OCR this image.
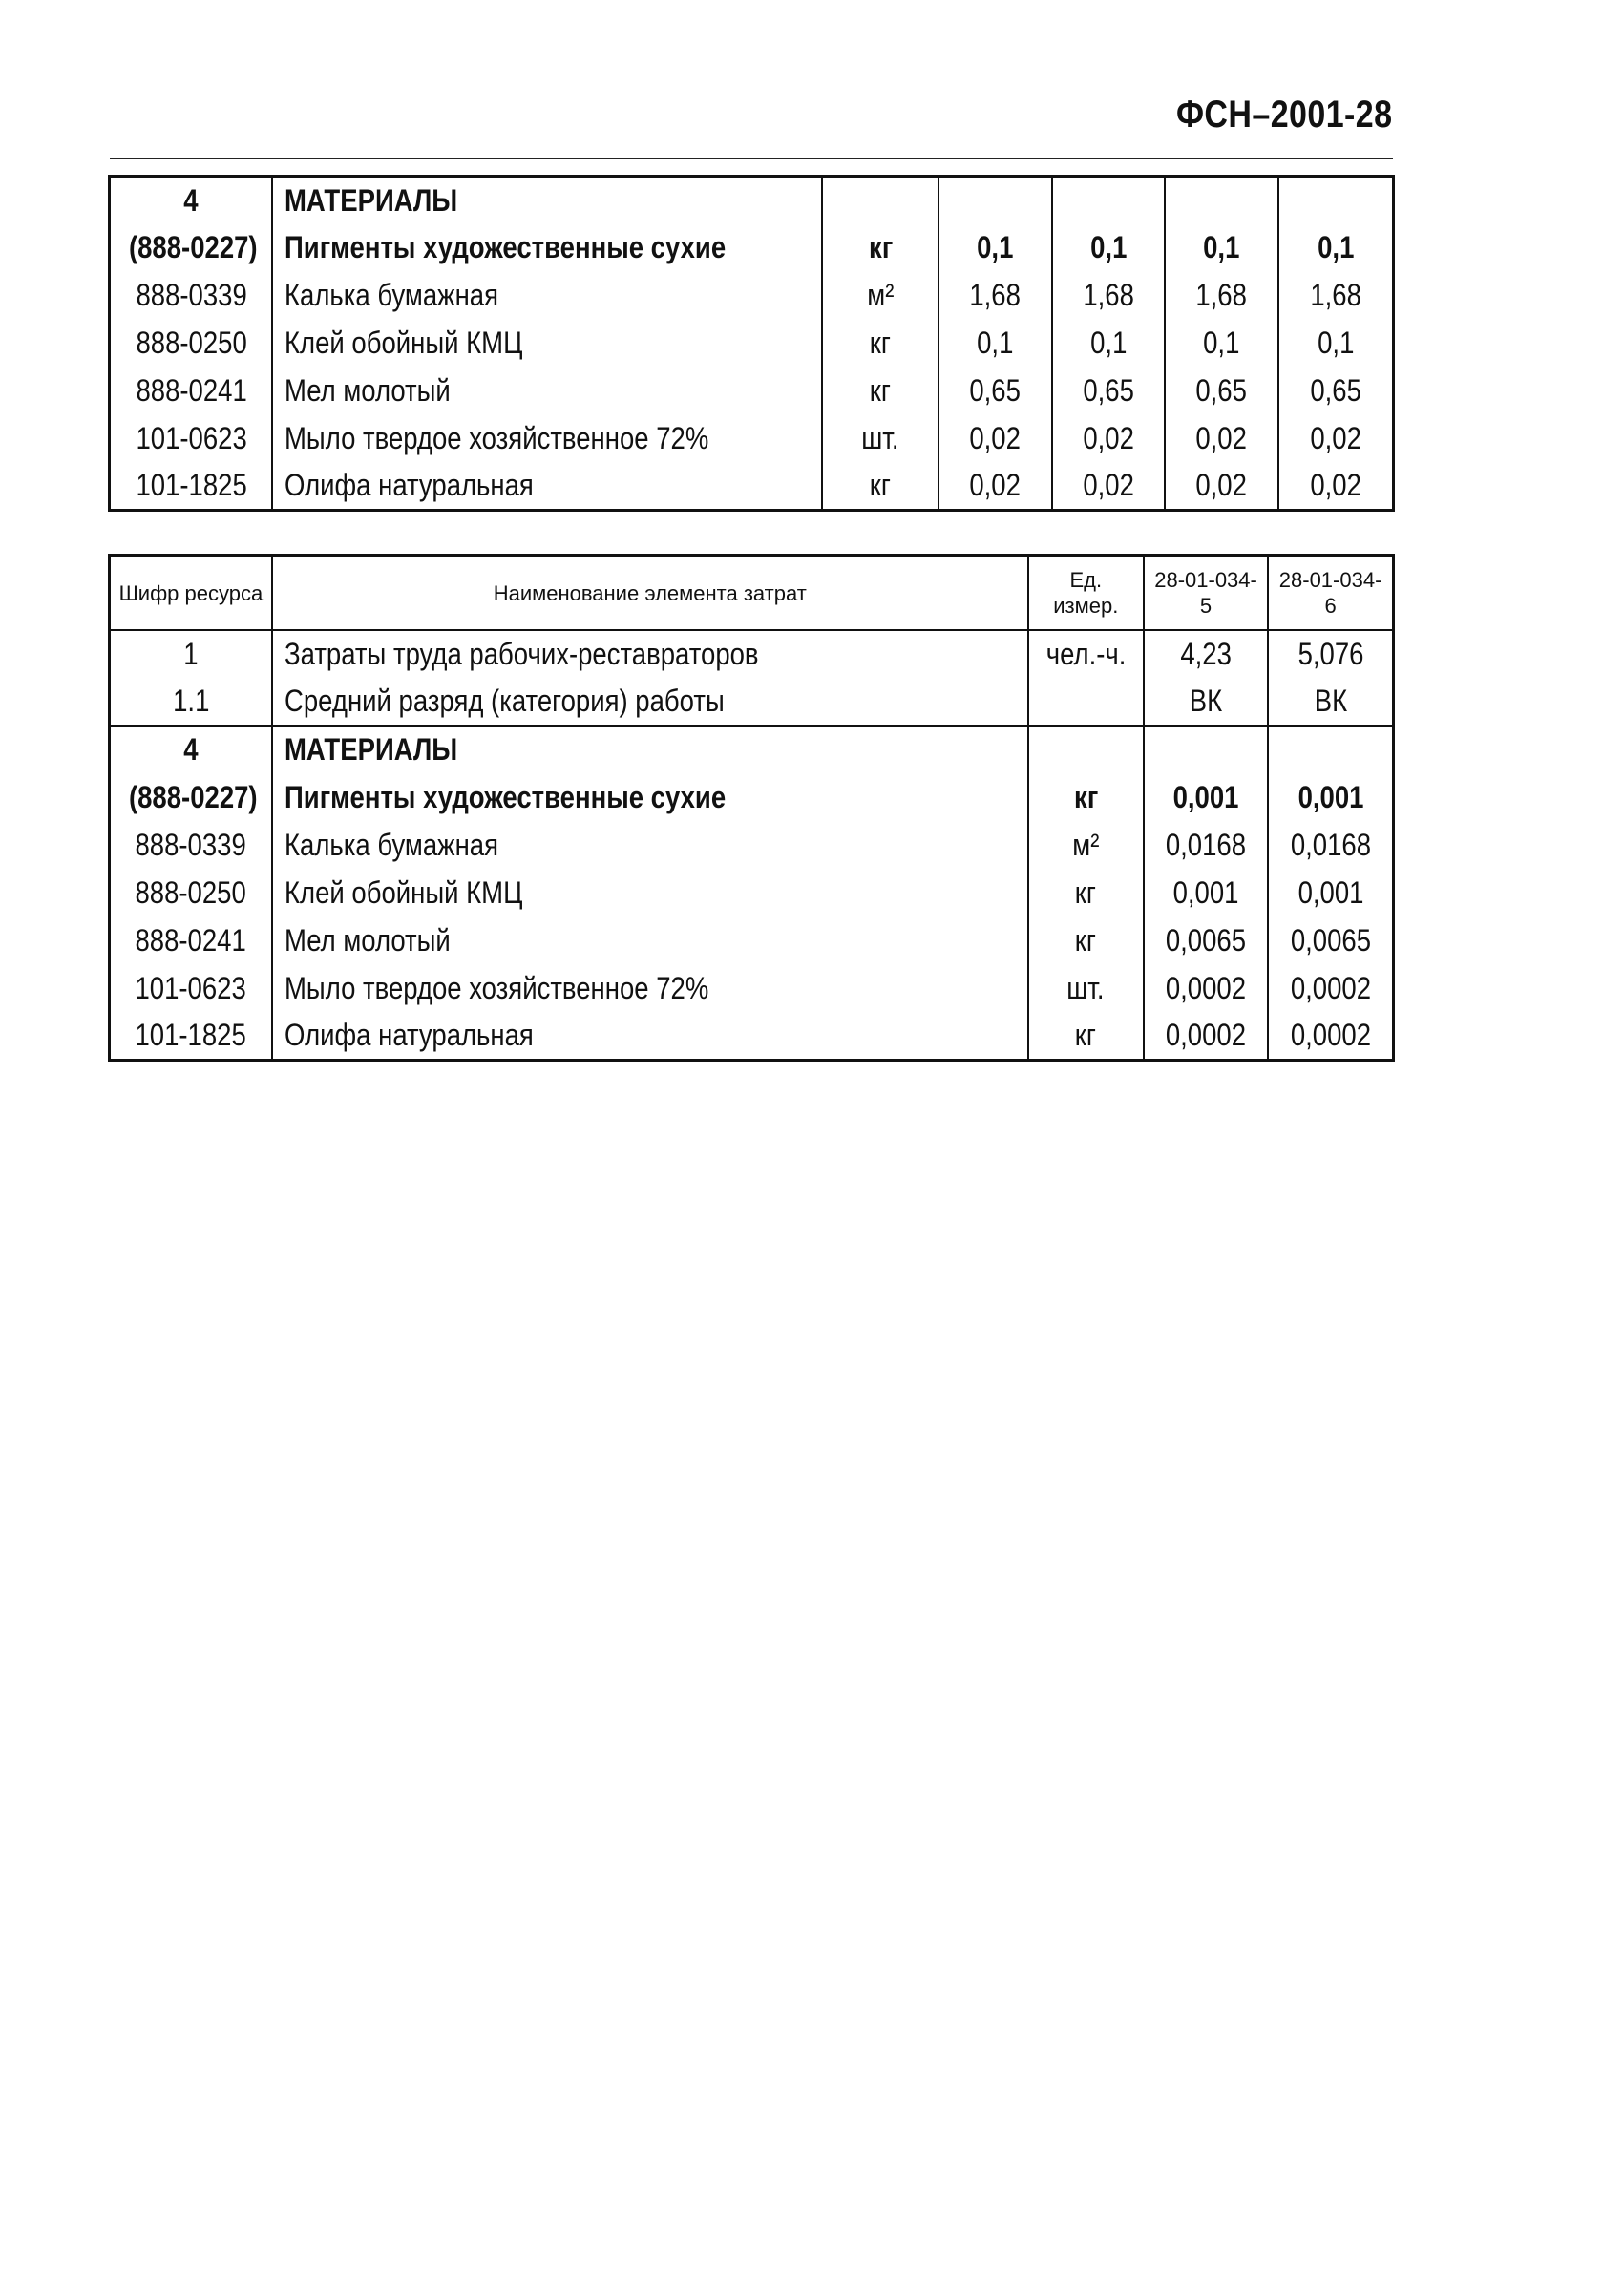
ФСН–2001-28
4	МАТЕРИАЛЫ					
(888-0227)	Пигменты художественные сухие	кг	0,1	0,1	0,1	0,1
888-0339	Калька бумажная	м²	1,68	1,68	1,68	1,68
888-0250	Клей обойный КМЦ	кг	0,1	0,1	0,1	0,1
888-0241	Мел молотый	кг	0,65	0,65	0,65	0,65
101-0623	Мыло твердое хозяйственное 72%	шт.	0,02	0,02	0,02	0,02
101-1825	Олифа натуральная	кг	0,02	0,02	0,02	0,02
Шифр ресурса	Наименование элемента затрат	Ед. измер.	28-01-034-5	28-01-034-6
1	Затраты труда рабочих-реставраторов	чел.-ч.	4,23	5,076
1.1	Средний разряд (категория) работы		ВК	ВК
4	МАТЕРИАЛЫ			
(888-0227)	Пигменты художественные сухие	кг	0,001	0,001
888-0339	Калька бумажная	м²	0,0168	0,0168
888-0250	Клей обойный КМЦ	кг	0,001	0,001
888-0241	Мел молотый	кг	0,0065	0,0065
101-0623	Мыло твердое хозяйственное 72%	шт.	0,0002	0,0002
101-1825	Олифа натуральная	кг	0,0002	0,0002
